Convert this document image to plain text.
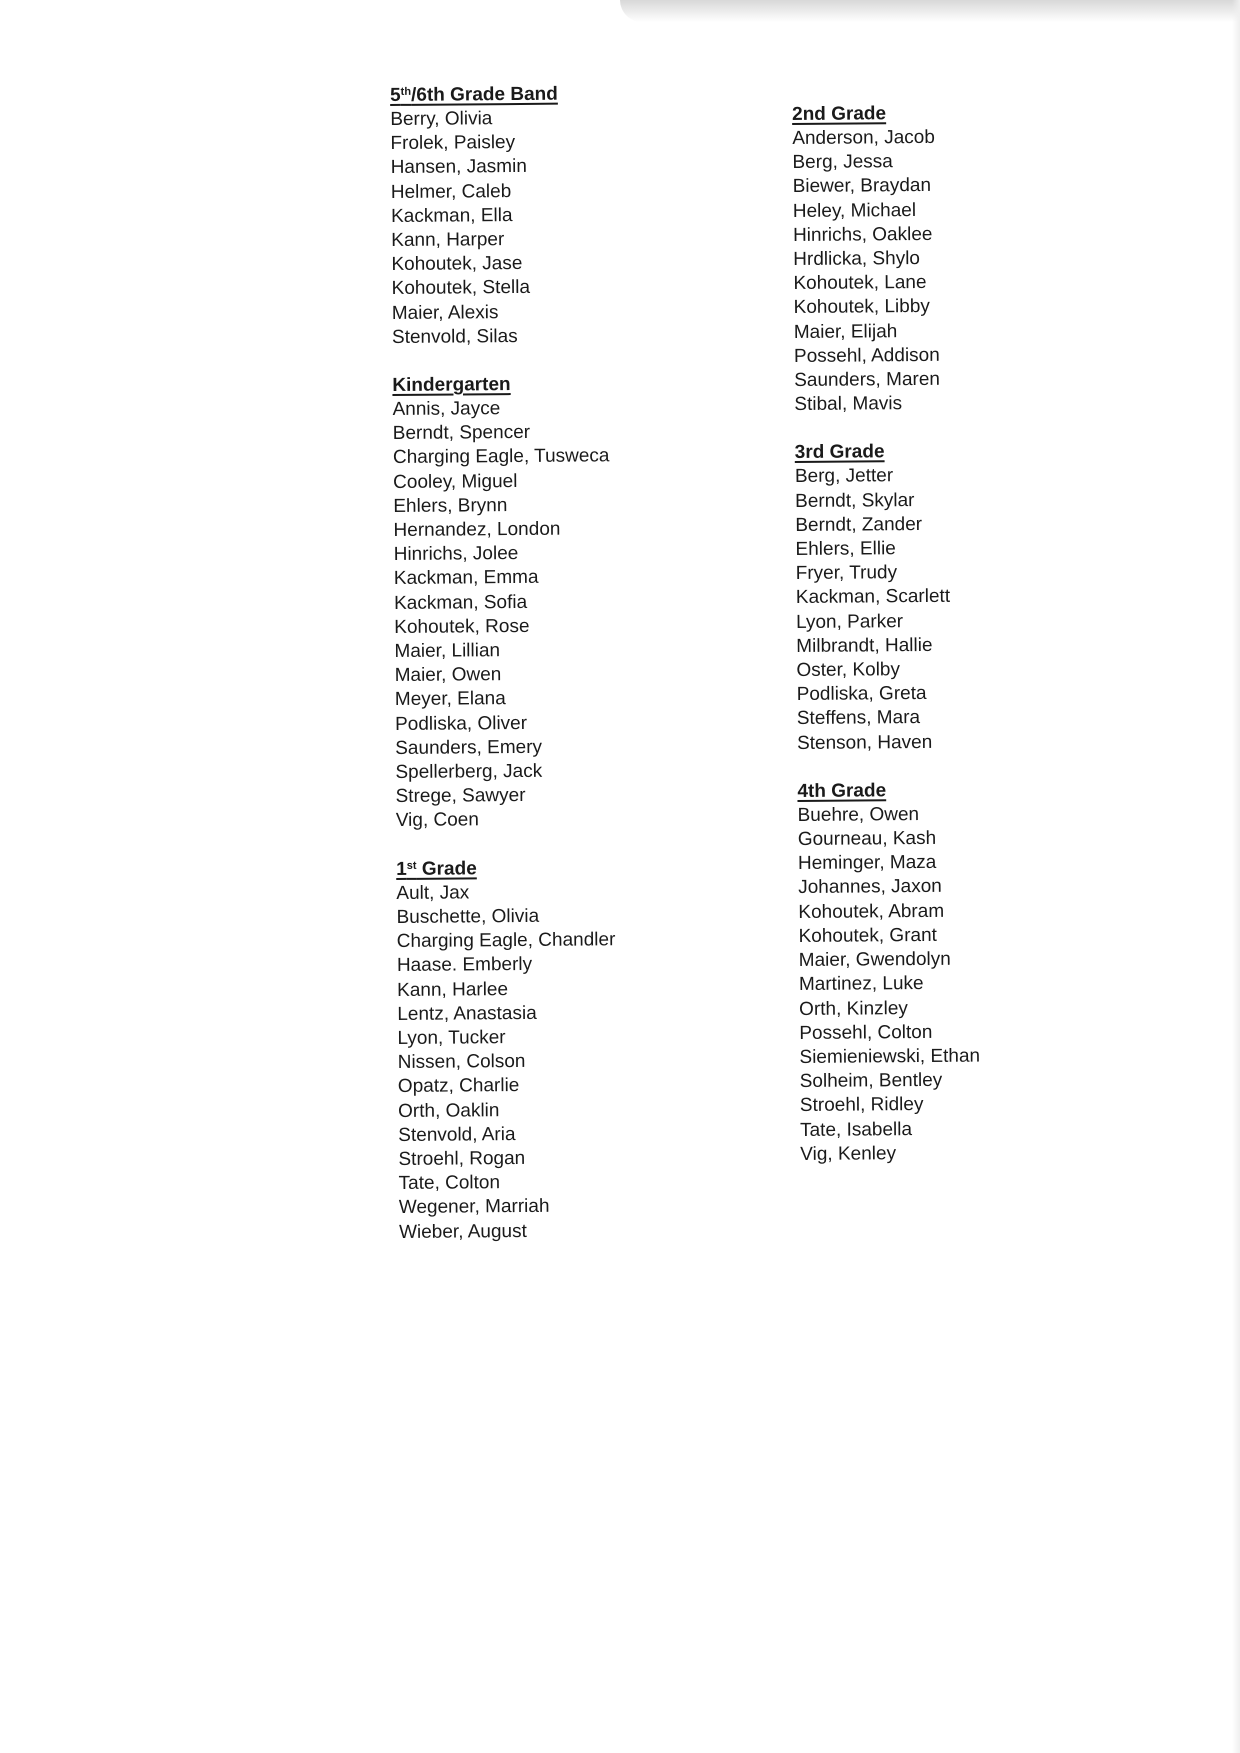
5th/6th Grade Band
Berry, Olivia
Frolek, Paisley
Hansen, Jasmin
Helmer, Caleb
Kackman, Ella
Kann, Harper
Kohoutek, Jase
Kohoutek, Stella
Maier, Alexis
Stenvold, Silas
Kindergarten
Annis, Jayce
Berndt, Spencer
Charging Eagle, Tusweca
Cooley, Miguel
Ehlers, Brynn
Hernandez, London
Hinrichs, Jolee
Kackman, Emma
Kackman, Sofia
Kohoutek, Rose
Maier, Lillian
Maier, Owen
Meyer, Elana
Podliska, Oliver
Saunders, Emery
Spellerberg, Jack
Strege, Sawyer
Vig, Coen
1st Grade
Ault, Jax
Buschette, Olivia
Charging Eagle, Chandler
Haase. Emberly
Kann, Harlee
Lentz, Anastasia
Lyon, Tucker
Nissen, Colson
Opatz, Charlie
Orth, Oaklin
Stenvold, Aria
Stroehl, Rogan
Tate, Colton
Wegener, Marriah
Wieber, August
2nd Grade
Anderson, Jacob
Berg, Jessa
Biewer, Braydan
Heley, Michael
Hinrichs, Oaklee
Hrdlicka, Shylo
Kohoutek, Lane
Kohoutek, Libby
Maier, Elijah
Possehl, Addison
Saunders, Maren
Stibal, Mavis
3rd Grade
Berg, Jetter
Berndt, Skylar
Berndt, Zander
Ehlers, Ellie
Fryer, Trudy
Kackman, Scarlett
Lyon, Parker
Milbrandt, Hallie
Oster, Kolby
Podliska, Greta
Steffens, Mara
Stenson, Haven
4th Grade
Buehre, Owen
Gourneau, Kash
Heminger, Maza
Johannes, Jaxon
Kohoutek, Abram
Kohoutek, Grant
Maier, Gwendolyn
Martinez, Luke
Orth, Kinzley
Possehl, Colton
Siemieniewski, Ethan
Solheim, Bentley
Stroehl, Ridley
Tate, Isabella
Vig, Kenley
